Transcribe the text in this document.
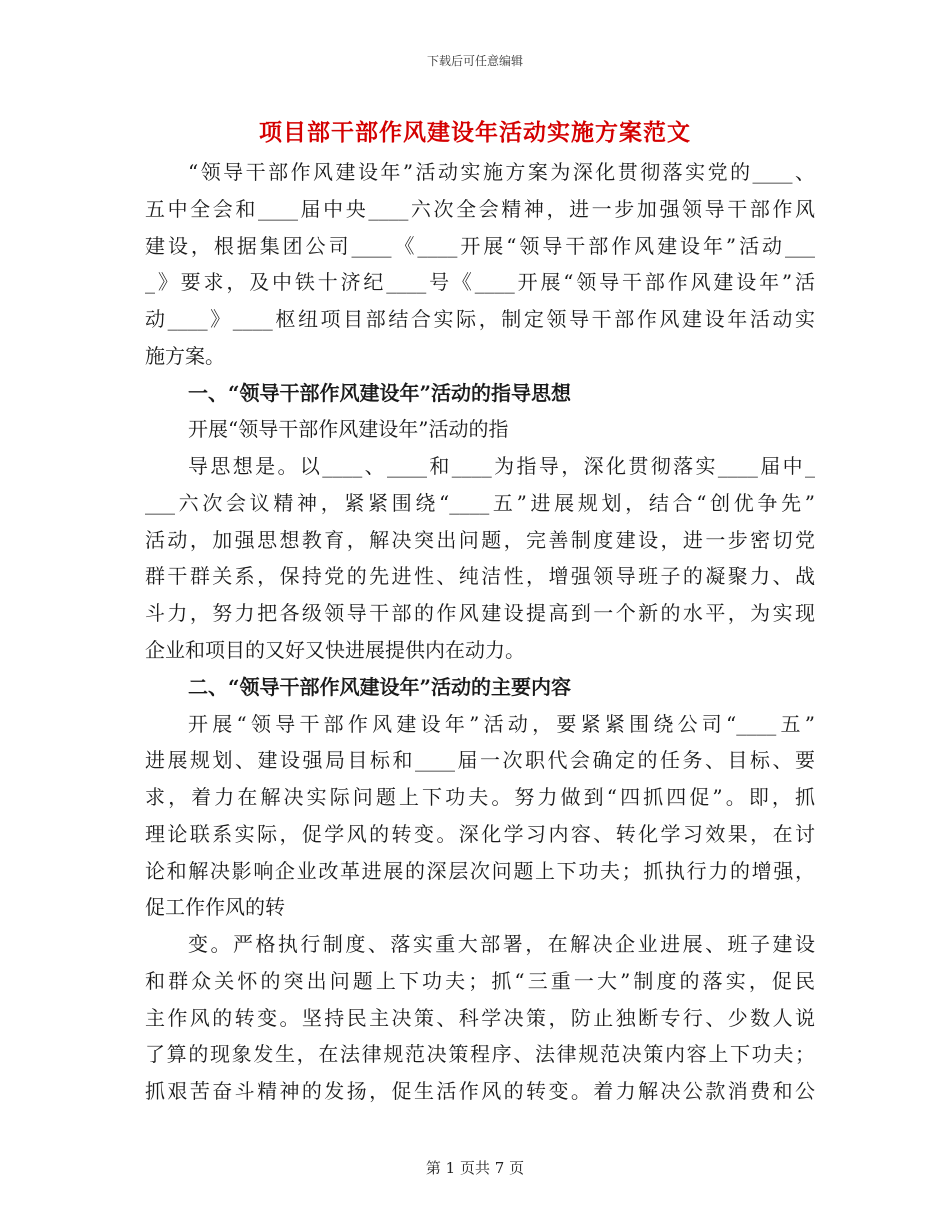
下载后可任意编辑
项目部干部作风建设年活动实施方案范文
“领导干部作风建设年”活动实施方案为深化贯彻落实党的____、
五中全会和____届中央____六次全会精神，进一步加强领导干部作风
建设，根据集团公司____《____开展“领导干部作风建设年”活动___
_》要求，及中铁十济纪____号《____开展“领导干部作风建设年”活
动____》____枢纽项目部结合实际，制定领导干部作风建设年活动实
施方案。
一、“领导干部作风建设年”活动的指导思想
开展“领导干部作风建设年”活动的指
导思想是。以____、____和____为指导，深化贯彻落实____届中_
___六次会议精神，紧紧围绕“____五”进展规划，结合“创优争先”
活动，加强思想教育，解决突出问题，完善制度建设，进一步密切党
群干群关系，保持党的先进性、纯洁性，增强领导班子的凝聚力、战
斗力，努力把各级领导干部的作风建设提高到一个新的水平，为实现
企业和项目的又好又快进展提供内在动力。
二、“领导干部作风建设年”活动的主要内容
开展“领导干部作风建设年”活动，要紧紧围绕公司“____五”
进展规划、建设强局目标和____届一次职代会确定的任务、目标、要
求，着力在解决实际问题上下功夫。努力做到“四抓四促”。即，抓
理论联系实际，促学风的转变。深化学习内容、转化学习效果，在讨
论和解决影响企业改革进展的深层次问题上下功夫；抓执行力的增强，
促工作作风的转
变。严格执行制度、落实重大部署，在解决企业进展、班子建设
和群众关怀的突出问题上下功夫；抓“三重一大”制度的落实，促民
主作风的转变。坚持民主决策、科学决策，防止独断专行、少数人说
了算的现象发生，在法律规范决策程序、法律规范决策内容上下功夫；
抓艰苦奋斗精神的发扬，促生活作风的转变。着力解决公款消费和公
第 1 页共 7 页
